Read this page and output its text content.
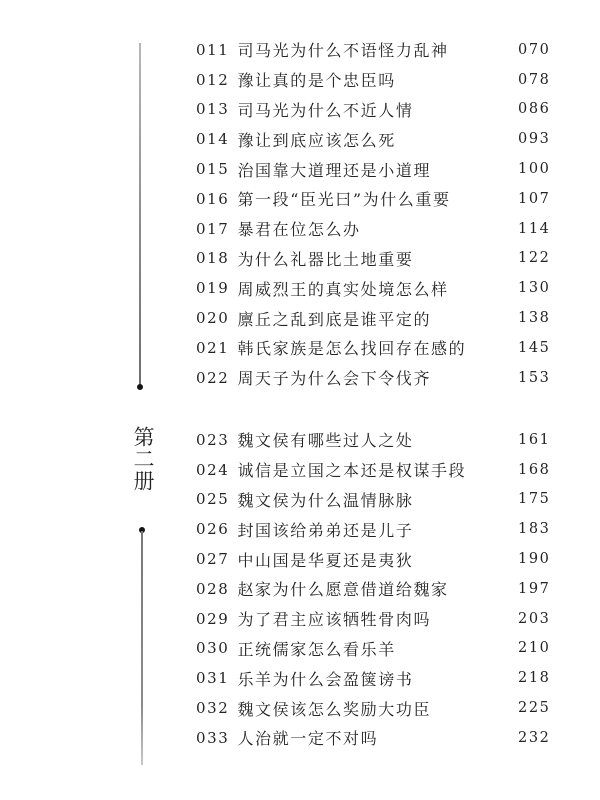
第二册
011 司马光为什么不语怪力乱神	070
012 豫让真的是个忠臣吗	078
013 司马光为什么不近人情	086
014 豫让到底应该怎么死	093
015 治国靠大道理还是小道理	100
016 第一段“臣光曰”为什么重要	107
017 暴君在位怎么办	114
018 为什么礼器比土地重要	122
019 周威烈王的真实处境怎么样	130
020 廪丘之乱到底是谁平定的	138
021 韩氏家族是怎么找回存在感的	145
022 周天子为什么会下令伐齐	153
023 魏文侯有哪些过人之处	161
024 诚信是立国之本还是权谋手段	168
025 魏文侯为什么温情脉脉	175
026 封国该给弟弟还是儿子	183
027 中山国是华夏还是夷狄	190
028 赵家为什么愿意借道给魏家	197
029 为了君主应该牺牲骨肉吗	203
030 正统儒家怎么看乐羊	210
031 乐羊为什么会盈箧谤书	218
032 魏文侯该怎么奖励大功臣	225
033 人治就一定不对吗	232
